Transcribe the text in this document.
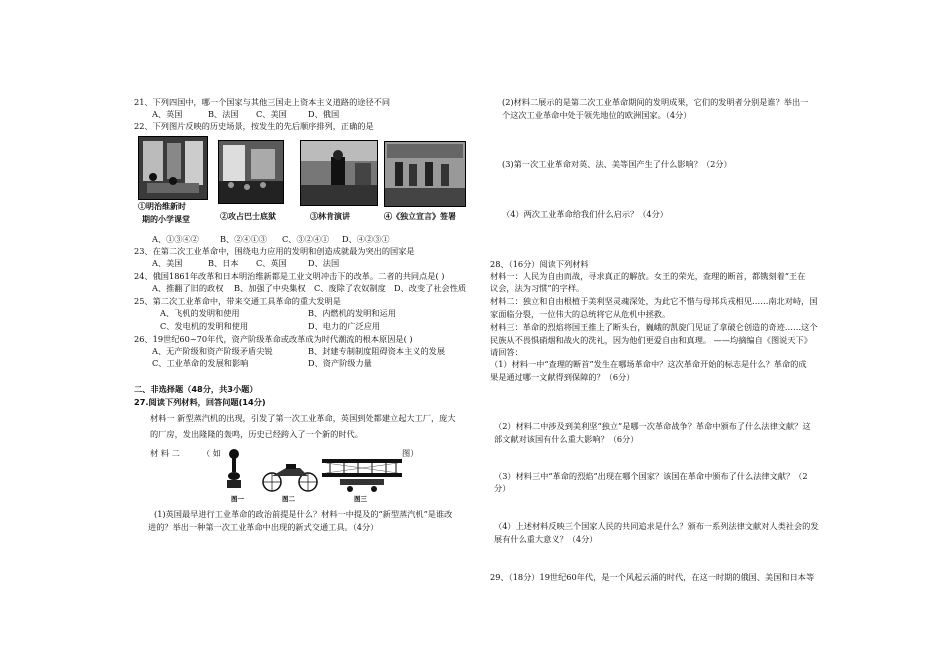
21、下列四国中，哪一个国家与其他三国走上资本主义道路的途径不同
A、英国	B、法国 C、美国	D、俄国
22、下列图片反映的历史场景，按发生的先后顺序排列，正确的是
①明治维新时
期的小学课堂	②攻占巴士底狱	③林肯演讲	④《独立宣言》签署
A、①③④②	B、②④①③ C、③②④① D、④②③①
23、在第二次工业革命中，围绕电力应用的发明和创造成就最为突出的国家是
A、美国	B、日本 C、英国	D、法国
24、俄国1861年改革和日本明治维新都是工业文明冲击下的改革。二者的共同点是( )
A、推翻了旧的政权 B、加强了中央集权 C、废除了农奴制度 D、改变了社会性质
25、第二次工业革命中，带来交通工具革命的重大发明是
A、飞机的发明和使用	B、内燃机的发明和运用
C、发电机的发明和使用	D、电力的广泛应用
26、19世纪60~70年代，资产阶级革命或改革成为时代潮流的根本原因是( )
A、无产阶级和资产阶级矛盾尖锐	B、封建专制制度阻碍资本主义的发展
C、工业革命的发展和影响	D、资产阶级力量
二、非选择题（48分，共3小题）
27.阅读下列材料，回答问题(14分)
材料一 新型蒸汽机的出现，引发了第一次工业革命，英国到处都建立起大工厂，庞大
的厂房，发出隆隆的轰鸣，历史已经跨入了一个新的时代。
材 料 二	（ 如	图）
图一	图二	图三
(1)英国最早进行工业革命的政治前提是什么？材料一中提及的“新型蒸汽机”是谁改
进的？举出一种第一次工业革命中出现的新式交通工具。（4分）
(2)材料二展示的是第二次工业革命期间的发明成果，它们的发明者分别是谁？举出一
个这次工业革命中处于领先地位的欧洲国家。（4分）
(3)第一次工业革命对英、法、美等国产生了什么影响？（2分）
（4）两次工业革命给我们什么启示？（4分）
28、（16分）阅读下列材料
材料一：人民为自由而战，寻求真正的解放。女王的荣光，查理的断首，都镌刻着“王在
议会，法为习惯”的字样。
材料二：独立和自由根植于美利坚灵魂深处，为此它不惜与母邦兵戎相见……南北对峙，国
家面临分裂，一位伟大的总统将它从危机中拯救。
材料三：革命的烈焰将国王推上了断头台，巍峨的凯旋门见证了拿破仑创造的奇迹……这个
民族从不畏惧硝烟和战火的洗礼，因为他们更爱自由和真理。 ——均摘编自《图说天下》
请回答：
（1）材料一中“查理的断首”发生在哪场革命中？这次革命开始的标志是什么？革命的成
果是通过哪一文献得到保障的？（6分）
（2）材料二中涉及到美利坚“独立”是哪一次革命战争？革命中颁布了什么法律文献？这
部文献对该国有什么重大影响？（6分）
（3）材料三中“革命的烈焰”出现在哪个国家？该国在革命中颁布了什么法律文献？（2
分）
（4）上述材料反映三个国家人民的共同追求是什么？颁布一系列法律文献对人类社会的发
展有什么重大意义？（4分）
29、（18分）19世纪60年代，是一个风起云涌的时代，在这一时期的俄国、美国和日本等
